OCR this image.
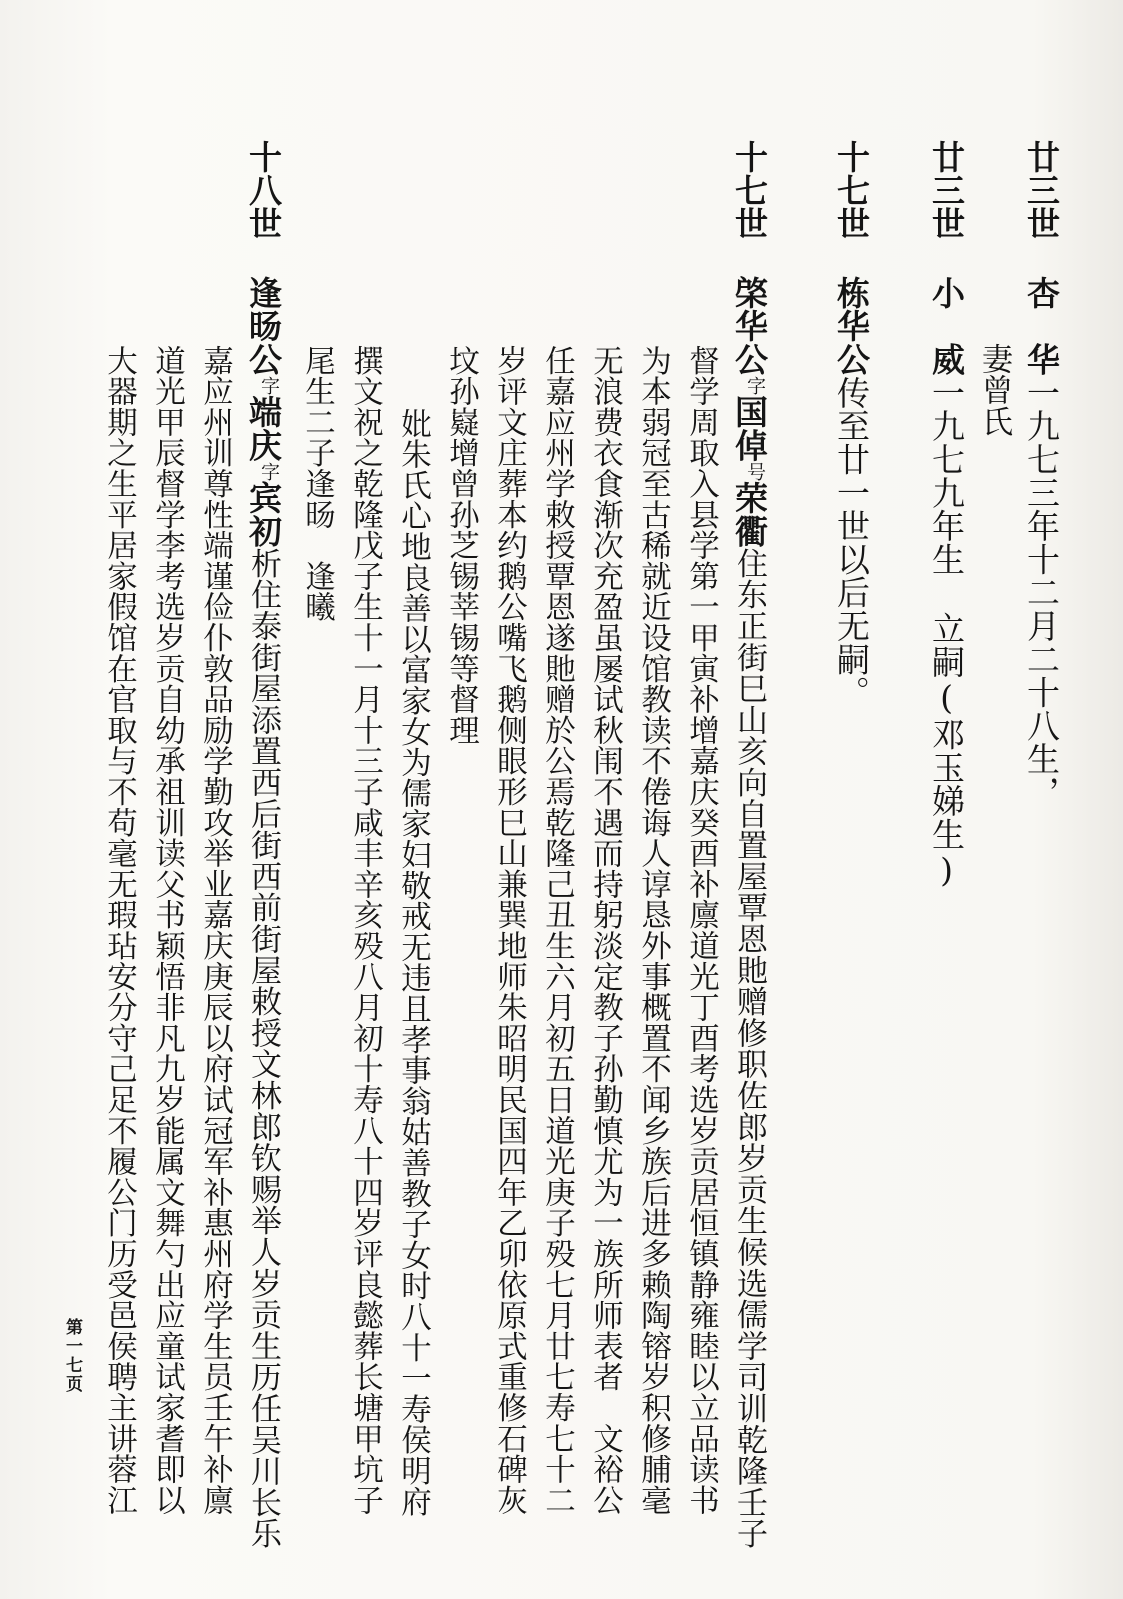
廿三世杏　华一九七三年十二月二十八生，
妻曾氏
廿三世小　威一九七九年生立嗣(邓玉娣生)
十七世栋华公传至廿一世以后无嗣。
十七世棨华公字国倬号荣衢住东正街巳山亥向自置屋覃恩貤赠修职佐郎岁贡生候选儒学司训乾隆壬子
督学周取入县学第一甲寅补增嘉庆癸酉补廪道光丁酉考选岁贡居恒镇静雍睦以立品读书
为本弱冠至古稀就近设馆教读不倦诲人谆恳外事概置不闻乡族后进多赖陶镕岁积修脯毫
无浪费衣食渐次充盈虽屡试秋闱不遇而持躬淡定教子孙勤慎尤为一族所师表者　文裕公
任嘉应州学敕授覃恩遂貤赠於公焉乾隆己丑生六月初五日道光庚子殁七月廿七寿七十二
岁评文庄葬本约鹅公嘴飞鹅侧眼形巳山兼巽地师朱昭明民国四年乙卯依原式重修石碑灰
坟孙嶷增曾孙芝锡莘锡等督理
妣朱氏心地良善以富家女为儒家妇敬戒无违且孝事翁姑善教子女时八十一寿侯明府
撰文祝之乾隆戊子生十一月十三子咸丰辛亥殁八月初十寿八十四岁评良懿葬长塘甲坑子
尾生二子逢旸　逢曦
十八世逢旸公字端庆字宾初析住泰街屋添置西后街西前街屋敕授文林郎钦赐举人岁贡生历任吴川长乐
嘉应州训尊性端谨俭仆敦品励学勤攻举业嘉庆庚辰以府试冠军补惠州府学生员壬午补廪
道光甲辰督学李考选岁贡自幼承祖训读父书颖悟非凡九岁能属文舞勺出应童试家耆即以
大器期之生平居家假馆在官取与不苟毫无瑕玷安分守己足不履公门历受邑侯聘主讲蓉江
第一七页
